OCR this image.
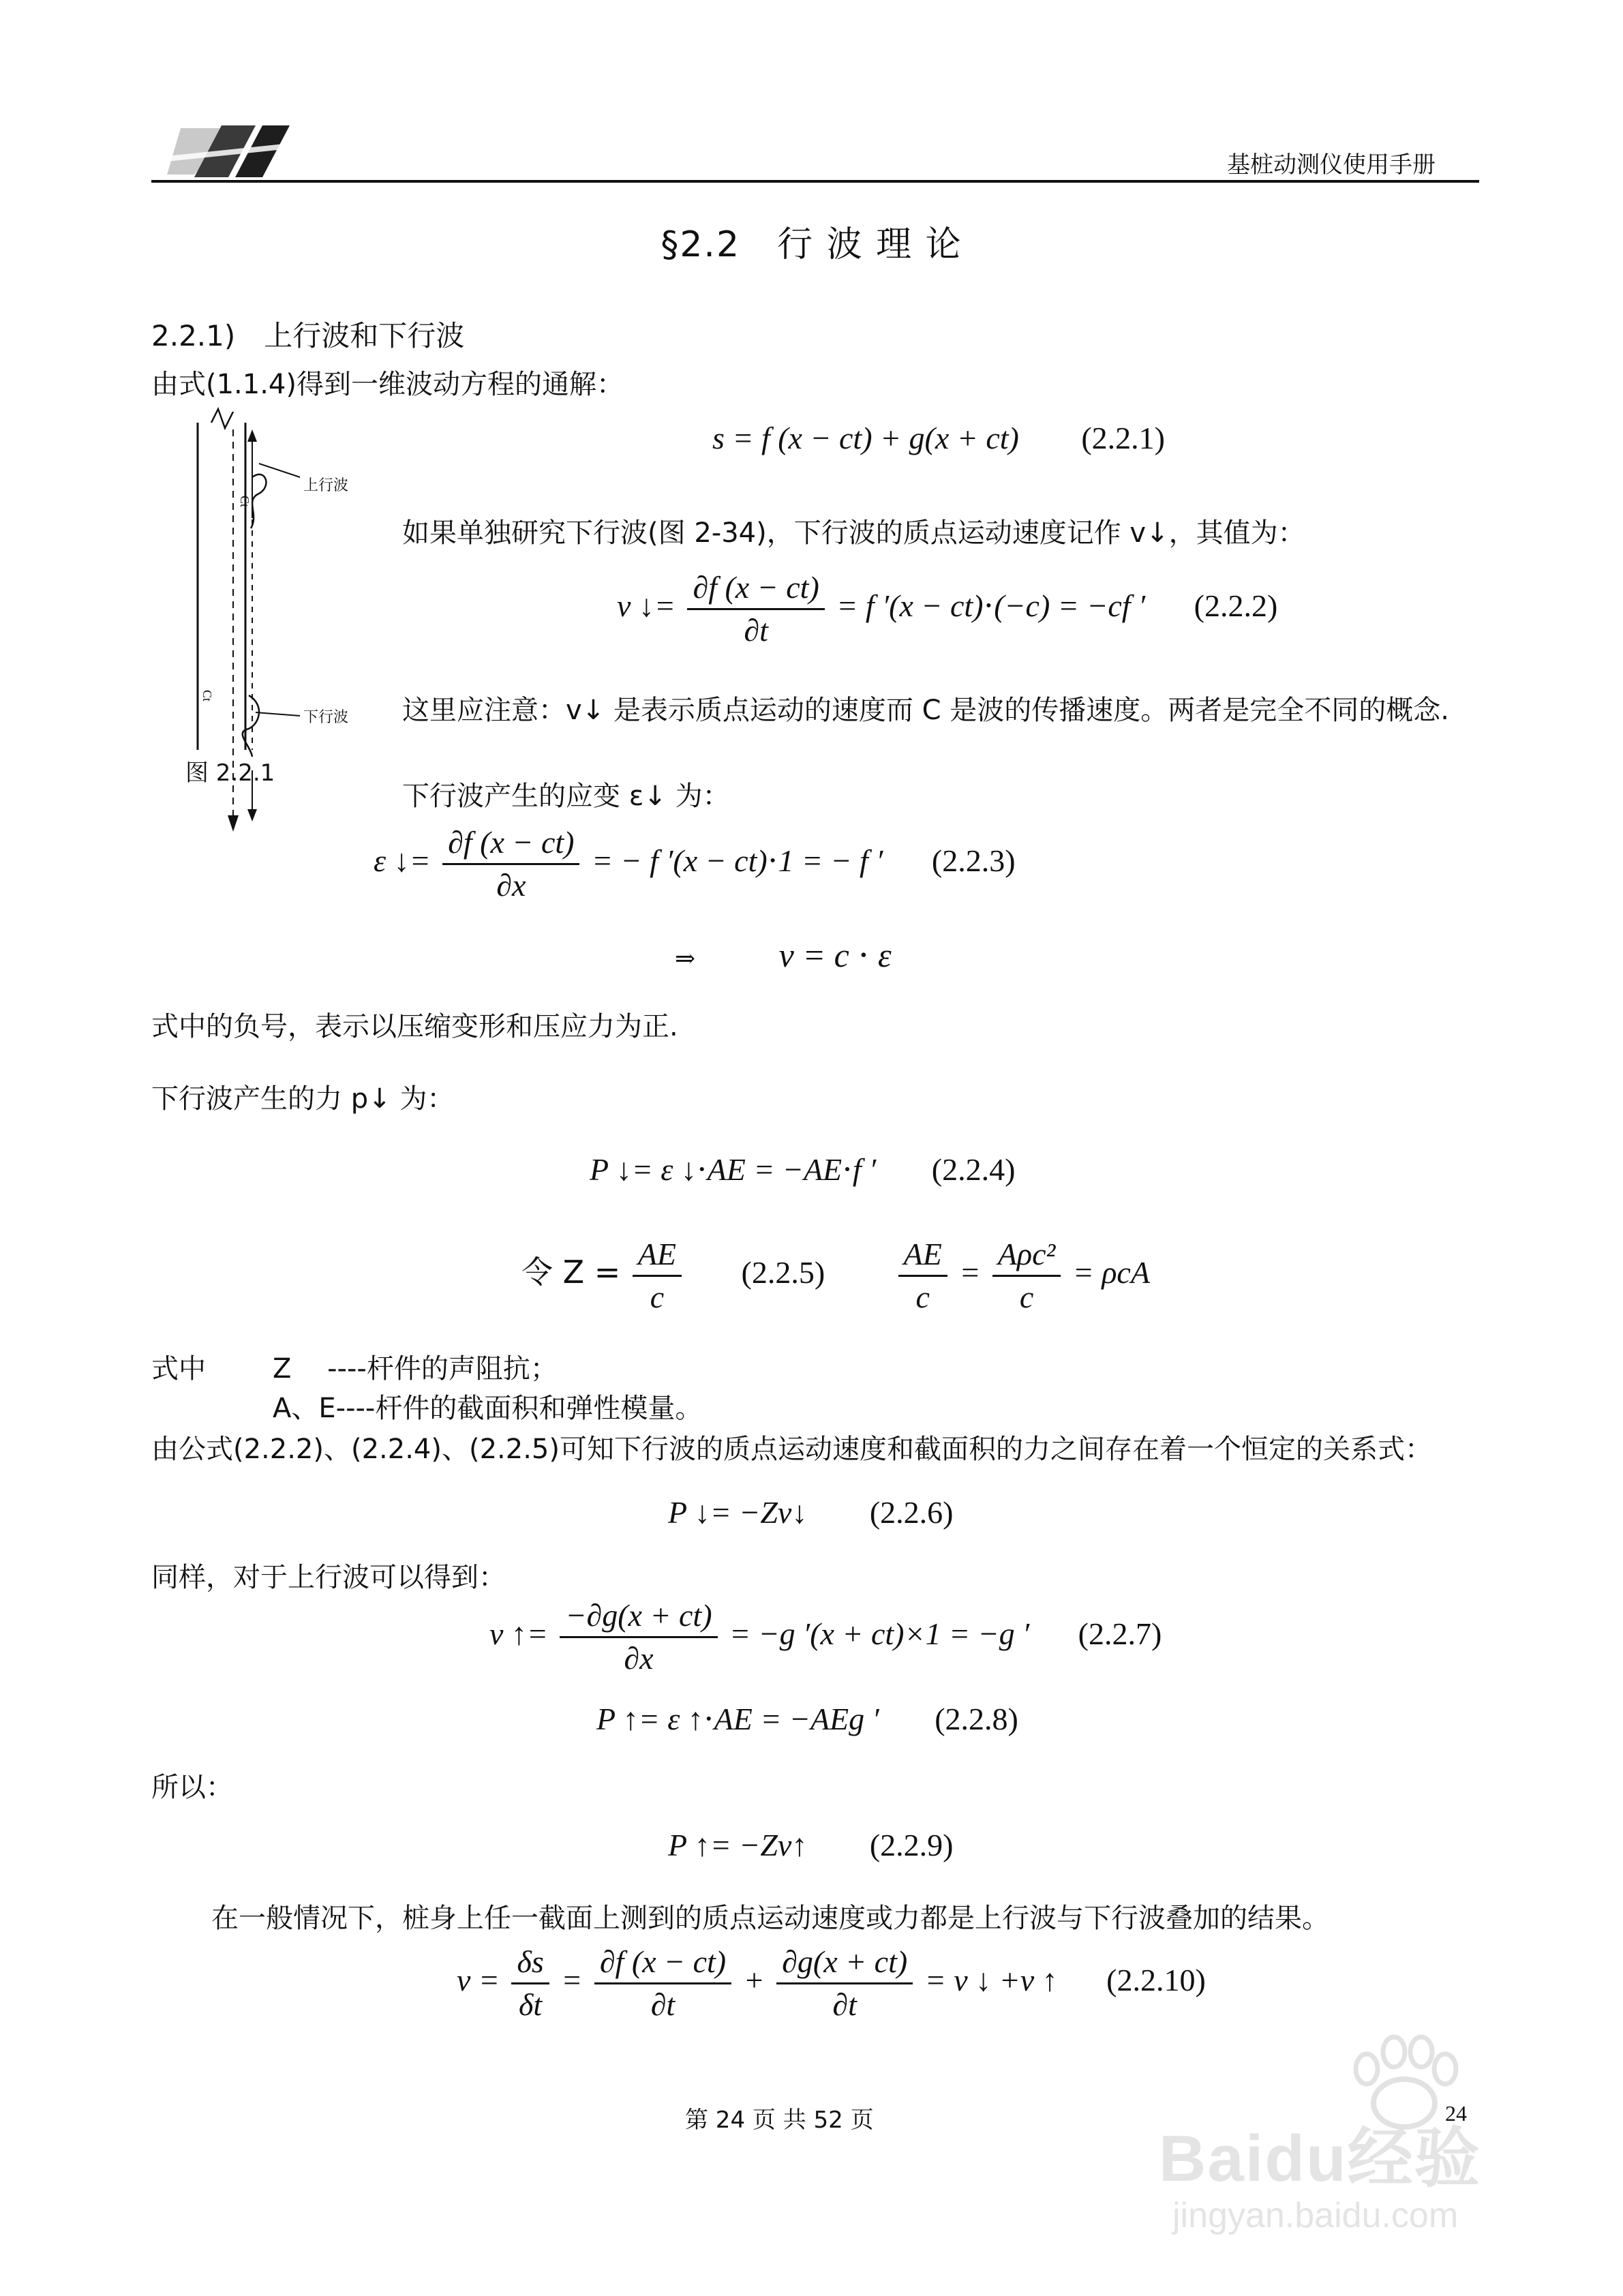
基桩动测仪使用手册
§2.2　行 波 理 论
2.2.1)　上行波和下行波
由式(1.1.4)得到一维波动方程的通解：
上行波
Ct
下行波
Ct
图 2.2.1
s = f (x − ct) + g(x + ct) (2.2.1)
如果单独研究下行波(图 2-34)，下行波的质点运动速度记作 v↓，其值为：
v ↓= $\frac{\partial f (x - ct)}{\partial t} = f$ ′(x − ct)⋅(−c) = −cf ′ (2.2.2)
这里应注意：v↓ 是表示质点运动的速度而 C 是波的传播速度。两者是完全不同的概念.
下行波产生的应变 ε↓ 为：
ε ↓= $\frac{\partial f (x - ct)}{\partial x}$ = − f ′(x − ct)⋅1 = − f ′ (2.2.3)
⇒ v = c ⋅ ε
式中的负号，表示以压缩变形和压应力为正.
下行波产生的力 p↓ 为：
P ↓= ε ↓⋅AE = −AE⋅f ′ (2.2.4)
令 $Z = \frac{AE}{c} (2.2.5) \frac{AE}{c} = \frac{\text{Aρc²}}{c} = \rho cA$
式中 Z　 ----杆件的声阻抗；
A、E----杆件的截面积和弹性模量。
由公式(2.2.2)、(2.2.4)、(2.2.5)可知下行波的质点运动速度和截面积的力之间存在着一个恒定的关系式：
P ↓= −Zv↓ (2.2.6)
同样，对于上行波可以得到：
v ↑= $\frac{-\partial g(x + ct)}{\partial x} = -g$ ′(x + ct)×1 = −g ′ (2.2.7)
P ↑= ε ↑⋅AE = −AEg ′ (2.2.8)
所以：
P ↑= −Zv↑ (2.2.9)
在一般情况下，桩身上任一截面上测到的质点运动速度或力都是上行波与下行波叠加的结果。
$v = \frac{\delta s}{\delta t} = \frac{\partial f (x - ct)}{\partial t} + \frac{\partial g(x + ct)}{\partial t} = v$ ↓ +v ↑ (2.2.10)
第 24 页 共 52 页	24
Baidu经验
jingyan.baidu.com
